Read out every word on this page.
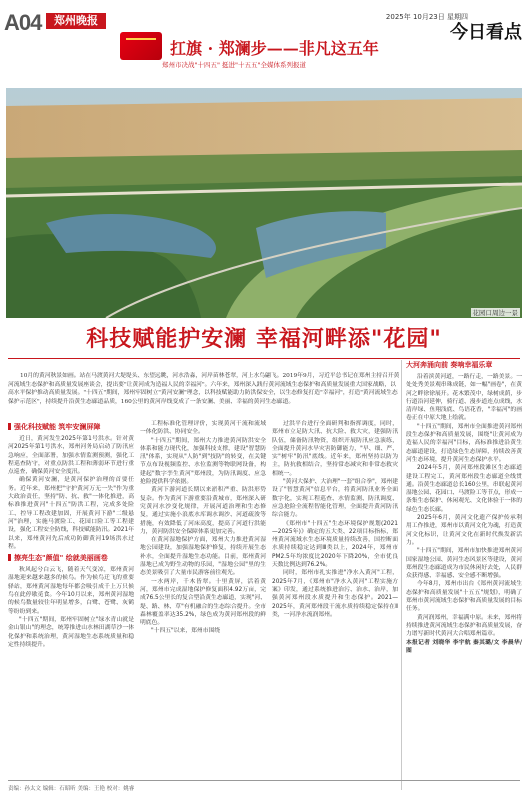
A04	郑州晚报	2025年 10月23日 星期四
今日看点
扛旗 · 郑澜步——非凡这五年
郑州市决战"十四五" 挺进"十五五"全媒体系列报道
花园口周边一景
科技赋能护安澜 幸福河畔添"花园"
10月的黄河秋景如画。站在马渡黄河大堤堤头、东望远眺，河水浩淼，河岸苗林苍翠，河上水鸟翩飞。2019年9月，习近平总书记在郑州主持召开黄河流域生态保护和高质量发展座谈会，提出要"让黄河成为造福人民的幸福河"。六年来，郑州深入践行黄河流域生态保护和高质量发展重大国家战略，以高水平保护推动高质量发展。"十四五"期间，郑州牢固树立"黄河安澜"理念，以科技赋能助力防洪保安全，以生态修复打造"幸福河"，打造"黄河流域生态保护示范区"，持续提升沿黄生态廊道品质，160公里的黄河岸线变成了一条安澜、美丽、幸福的黄河生态廊道。
强化科技赋能 筑牢安澜屏障

近日，黄河发生2025年第1号洪水。针对黄河2025年第1号洪水，郑州河务局启动了防汛应急响应，全面部署，加强水情监测预测，强化工程巡查防守，对重点防洪工程和薄弱环节进行重点巡查，确保黄河安全度汛。

确保黄河安澜，是黄河保护治理的首要任务。近年来，郑州把"守护黄河万无一失"作为重大政治责任，坚持"防、抗、救"一体化推进，高标准推进黄河"十四五"防洪工程，完成多处险工、控导工程改建加固，开展黄河下游"二级悬河"治理，实施马渡险工、花园口险工等工程建设，强化工程安全防线，科技赋能防汛。2021年以来，郑州黄河先后成功防御黄河19场洪水过程。

擦亮生态"颜值" 绘就美丽画卷

秋风起兮白云飞，随着天气变凉，郑州黄河湿地迎来越来越多的候鸟。作为候鸟迁飞的重要驿站，郑州黄河湿地每年都会吸引成千上万只候鸟在此停歇觅食。今年10月以来，郑州黄河湿地的候鸟数量较往年明显增多，白鹭、苍鹭、灰鹤等纷纷到来。

"十四五"期间，郑州牢固树立"绿水青山就是金山银山"的理念，统筹推进山水林田湖草沙一体化保护和系统治理，黄河湿地生态系统质量和稳定性持续提升。

工程标准化管理评价，实现黄河干流和流域一体化防洪、协同安全。

"十四五"期间，郑州大力推进黄河防洪安全体系和能力现代化，加强科技支撑，建设"智慧防汛"体系，实现从"人防"到"技防"的转变，在关键节点布设视频监控、水位监测等物联网设备，构建起"数字孪生黄河"郑州段，为防汛调度、应急抢险提供科学依据。

黄河下游河道长期以来淤积严重、防洪形势复杂。作为黄河下游重要沿黄城市，郑州深入研究黄河水沙变化规律，开展河道治理和生态修复，通过实施小浪底水库调水调沙、河道疏浚等措施，有效降低了河床高度，提高了河道行洪能力，黄河防洪安全保障体系更加完善。

在黄河湿地保护方面，郑州大力推进黄河湿地公园建设，加强湿地保护修复，持续开展生态补水，全面提升湿地生态功能。目前，郑州黄河湿地已成为野生动物的乐园，"湿地公园"里的生态美景吸引了大量市民游客前往观光。

一水两岸，千木皆翠。十里黄屏，活着黄河，郑州市完成湿地保护修复面积4.92万亩，完成76.5公里长的复合型沿黄生态廊道，实现"河、堤、路、林、草"有机融合的生态综合提升。全市森林覆盖率达35.2%，绿色成为黄河郑州段的鲜明底色。

"十四五"以来，郑州市围绕

过洪平台进行全面研判和指挥调度，同时，郑州市立足防大汛、抗大险、救大灾，建强防汛队伍，储备防汛物资，组织开展防汛应急演练，全面提升黄河水旱灾害防御能力，"早、细、严、实"树牢"防汛"底线。近年来，郑州坚持以防为主，防抗救相结合，坚持常态减灾和非常态救灾相统一。

"黄河大保护、大治理"一套"组合拳"，郑州建设了"智慧黄河"信息平台，将黄河防汛业务全面数字化，实现工程巡查、水情监测、防汛调度、应急抢险全流程智能化管理，全面提升黄河防汛综合能力。

《郑州市"十四五"生态环境保护规划(2021—2025年)》确定的五大类、22项目标指标，郑州黄河流域水生态环境质量持续改善，国控断面水质持续稳定达到Ⅲ类以上，2024年，郑州市PM2.5年均浓度比2020年下降20%，全市优良天数比例达到76.2%。

同时，郑州市扎实推进"净水入黄河"工程，2025年7月，《郑州市"净水入黄河"工程实施方案》印发，通过系统推进治污、治水、治岸，加强黄河郑州段水质提升和生态保护。2021—2025年，黄河郑州段干流水质持续稳定保持在Ⅱ类，一河净水流润郑州。

大河奔涌向前 奏响幸福乐章

沿着滨黄河道，一路行走，一路美景。一处处秀美景观串珠成链，如一幅"画卷"，在黄河之畔徐徐展开。花木繁茂中，绿树成荫，步行道沿河延伸，骑行道、漫步道连点成线，水清岸绿、鱼翔浅底、鸟语花香，"幸福河"的画卷正在中原大地上绘就。

"十四五"期间，郑州市全面推进黄河郑州段生态保护和高质量发展，围绕"让黄河成为造福人民的幸福河"目标，高标准推进沿黄生态廊道建设，打造绿色生态屏障，持续改善黄河生态环境，提升黄河生态保护水平。

2024年5月，黄河郑州段滩区生态廊道建设工程完工，黄河郑州段生态廊道全线贯通。沿黄生态廊道总长160公里，串联起黄河湿地公园、花园口、马渡险工等节点，形成一条集生态保护、休闲观光、文化体验于一体的绿色生态长廊。

2025年6月，黄河文化遗产保护传承利用工作推进，郑州市以黄河文化为魂，打造黄河文化标识，让黄河文化在新时代焕发新活力。

"十四五"期间，郑州市加快推进郑州黄河国家湿地公园、黄河生态风景区等建设，黄河郑州段生态廊道成为市民休闲好去处，人民群众获得感、幸福感、安全感不断增强。

今年8月，郑州市出台《郑州黄河流域生态保护和高质量发展"十五五"规划》，明确了郑州市黄河流域生态保护和高质量发展的目标任务。

黄河润郑州，幸福满中原。未来，郑州将持续推进黄河流域生态保护和高质量发展，奋力谱写新时代黄河大合唱郑州篇章。

本报记者 刘晓华 李宇航 秦其璐/文 李晨华/图

责编：孙太文 编辑：石昭昕 美编：王艳 校对：姚睿
